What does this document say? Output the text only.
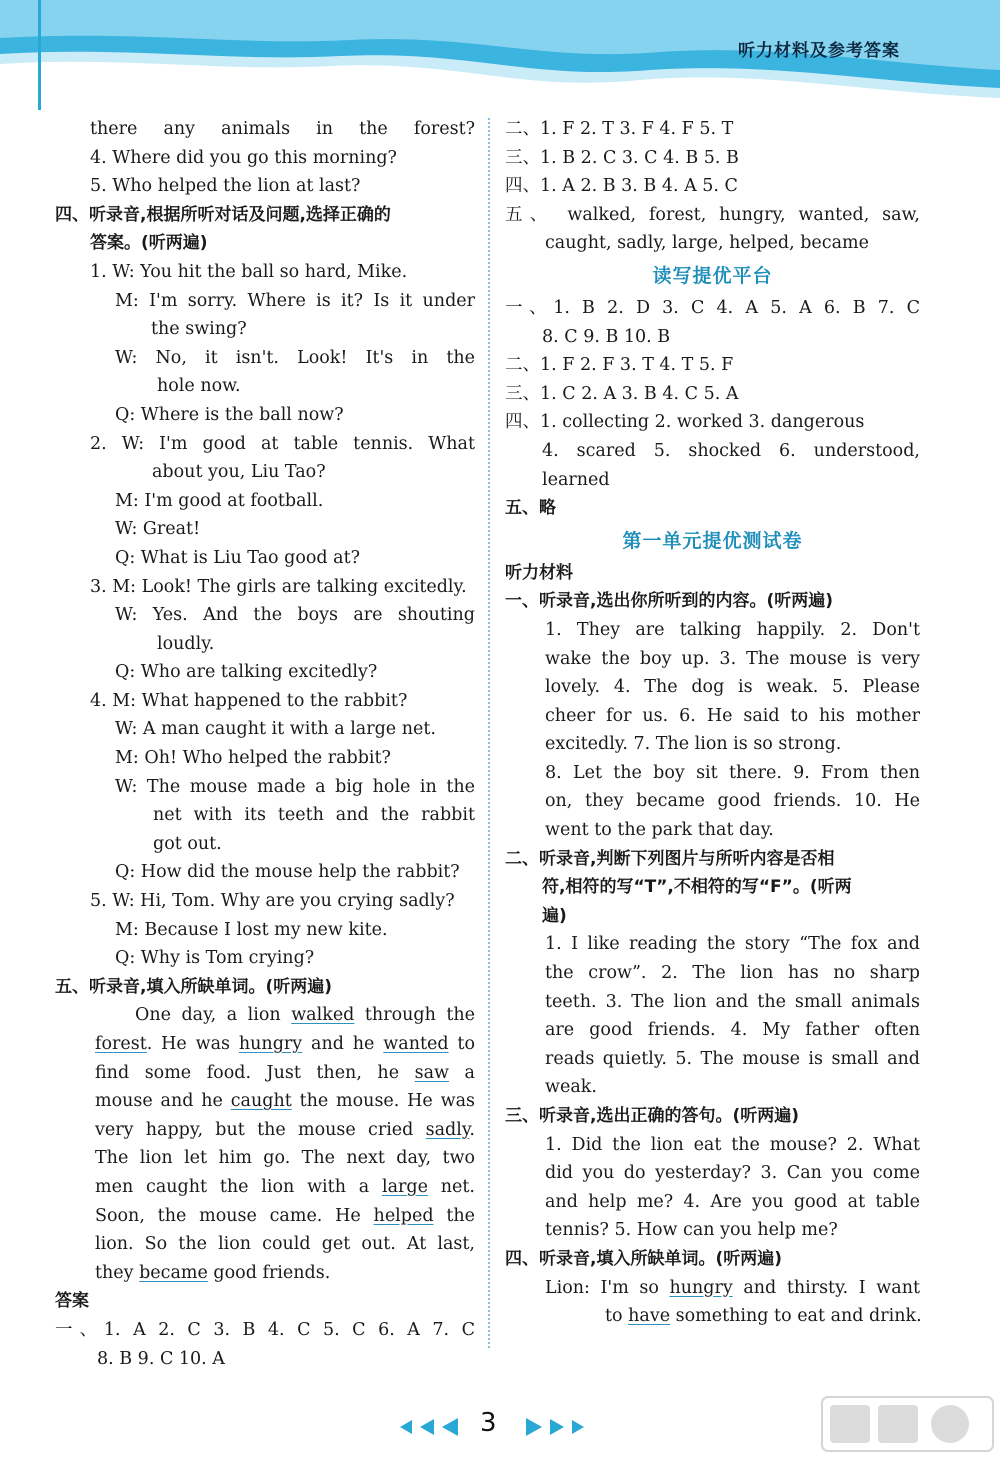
听力材料及参考答案
there any animals in the forest?
4. Where did you go this morning?
5. Who helped the lion at last?
四、听录音,根据所听对话及问题,选择正确的
答案。(听两遍)
1. W: You hit the ball so hard, Mike.
M: I'm sorry. Where is it? Is it under
the swing?
W: No, it isn't. Look! It's in the
hole now.
Q: Where is the ball now?
2. W: I'm good at table tennis. What
about you, Liu Tao?
M: I'm good at football.
W: Great!
Q: What is Liu Tao good at?
3. M: Look! The girls are talking excitedly.
W: Yes. And the boys are shouting
loudly.
Q: Who are talking excitedly?
4. M: What happened to the rabbit?
W: A man caught it with a large net.
M: Oh! Who helped the rabbit?
W: The mouse made a big hole in the
net with its teeth and the rabbit
got out.
Q: How did the mouse help the rabbit?
5. W: Hi, Tom. Why are you crying sadly?
M: Because I lost my new kite.
Q: Why is Tom crying?
五、听录音,填入所缺单词。(听两遍)
One day, a lion walked through the
forest. He was hungry and he wanted to
find some food. Just then, he saw a
mouse and he caught the mouse. He was
very happy, but the mouse cried sadly.
The lion let him go. The next day, two
men caught the lion with a large net.
Soon, the mouse came. He helped the
lion. So the lion could get out. At last,
they became good friends.
答案
一、1. A 2. C 3. B 4. C 5. C 6. A 7. C
8. B 9. C 10. A
二、1. F 2. T 3. F 4. F 5. T
三、1. B 2. C 3. C 4. B 5. B
四、1. A 2. B 3. B 4. A 5. C
五、 walked, forest, hungry, wanted, saw,
caught, sadly, large, helped, became
读写提优平台
一、1. B 2. D 3. C 4. A 5. A 6. B 7. C
8. C 9. B 10. B
二、1. F 2. F 3. T 4. T 5. F
三、1. C 2. A 3. B 4. C 5. A
四、1. collecting 2. worked 3. dangerous
4. scared 5. shocked 6. understood,
learned
五、略
第一单元提优测试卷
听力材料
一、听录音,选出你所听到的内容。(听两遍)
1. They are talking happily. 2. Don't
wake the boy up. 3. The mouse is very
lovely. 4. The dog is weak. 5. Please
cheer for us. 6. He said to his mother
excitedly. 7. The lion is so strong.
8. Let the boy sit there. 9. From then
on, they became good friends. 10. He
went to the park that day.
二、听录音,判断下列图片与所听内容是否相
符,相符的写“T”,不相符的写“F”。(听两
遍)
1. I like reading the story “The fox and
the crow”. 2. The lion has no sharp
teeth. 3. The lion and the small animals
are good friends. 4. My father often
reads quietly. 5. The mouse is small and
weak.
三、听录音,选出正确的答句。(听两遍)
1. Did the lion eat the mouse? 2. What
did you do yesterday? 3. Can you come
and help me? 4. Are you good at table
tennis? 5. How can you help me?
四、听录音,填入所缺单词。(听两遍)
Lion: I'm so hungry and thirsty. I want
to have something to eat and drink.
3
